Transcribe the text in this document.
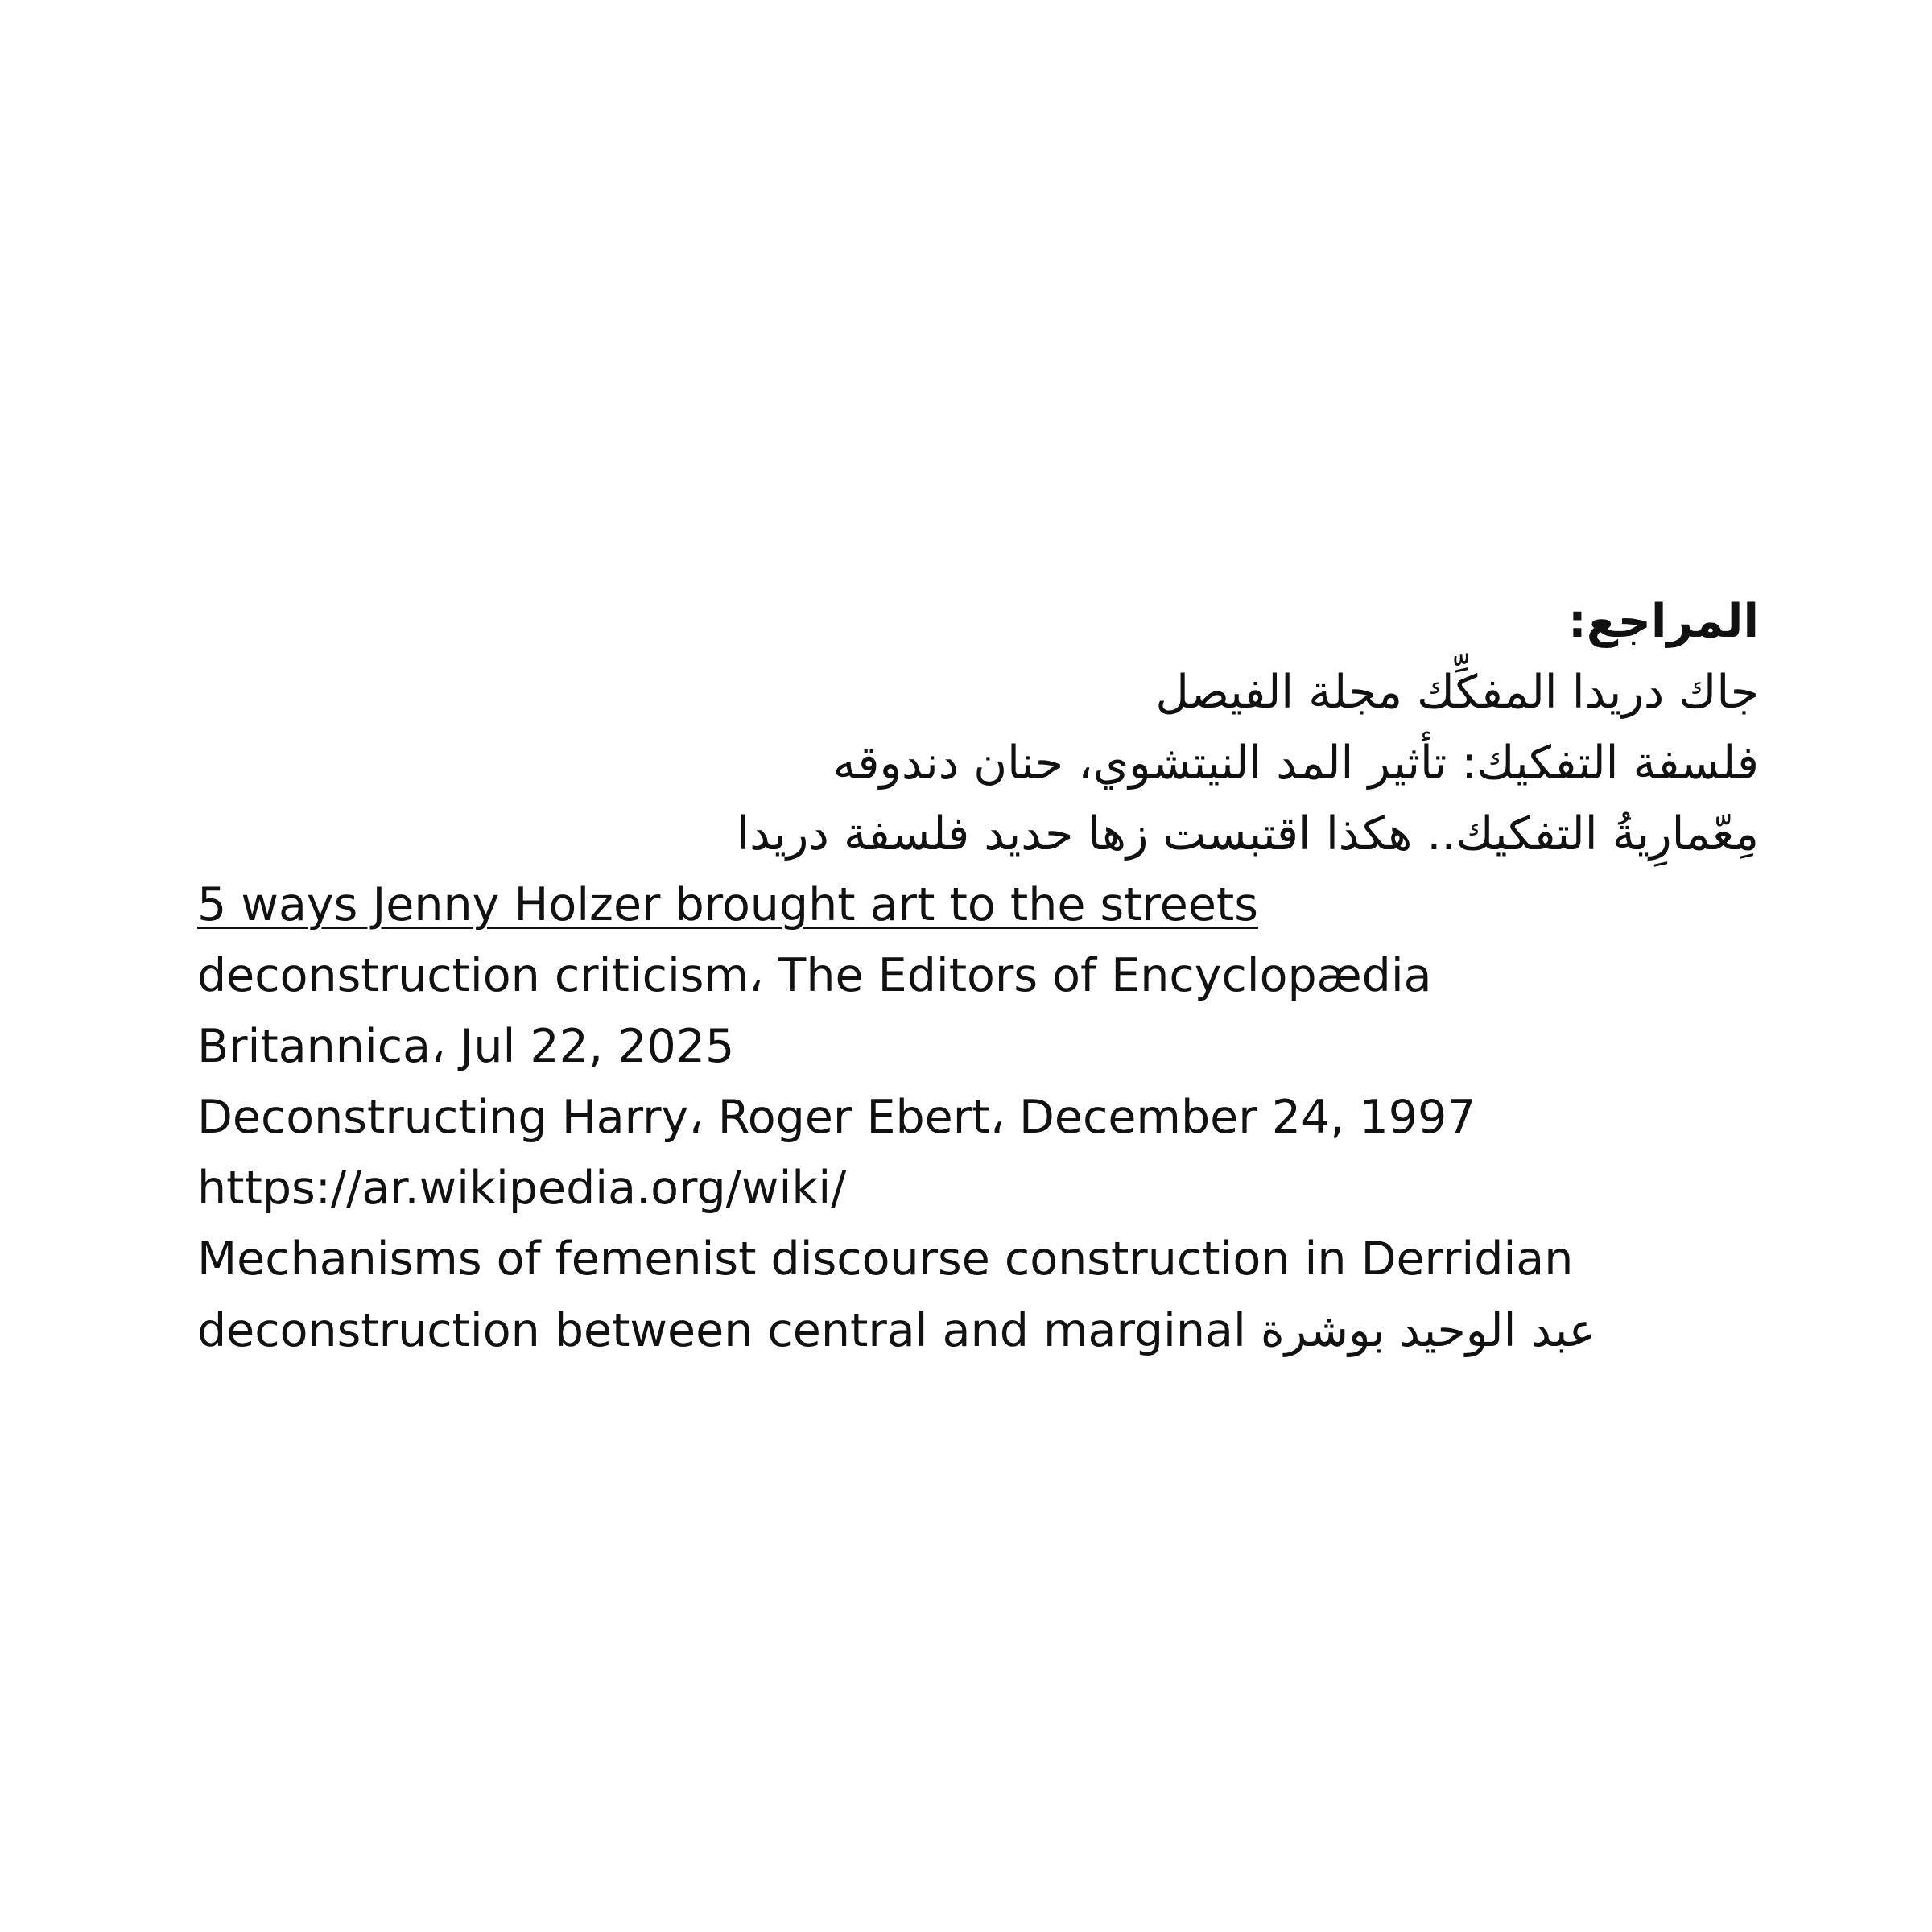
المراجع:

جاك دريدا المفكِّك مجلة الفيصل

فلسفة التفكيك: تأثير المد النيتشوي، حنان دندوقه

مِعّمارِيةُ التفكيك.. هكذا اقتبست زها حديد فلسفة دريدا

5 ways Jenny Holzer brought art to the streets

deconstruction criticism، The Editors of Encyclopædia

Britannica، Jul 22, 2025

Deconstructing Harry، Roger Ebert، December 24, 1997

https://ar.wikipedia.org/wiki/

Mechanisms of femenist discourse construction in Derridian

deconstruction between central and marginal عبد الوحيد بوشرة
